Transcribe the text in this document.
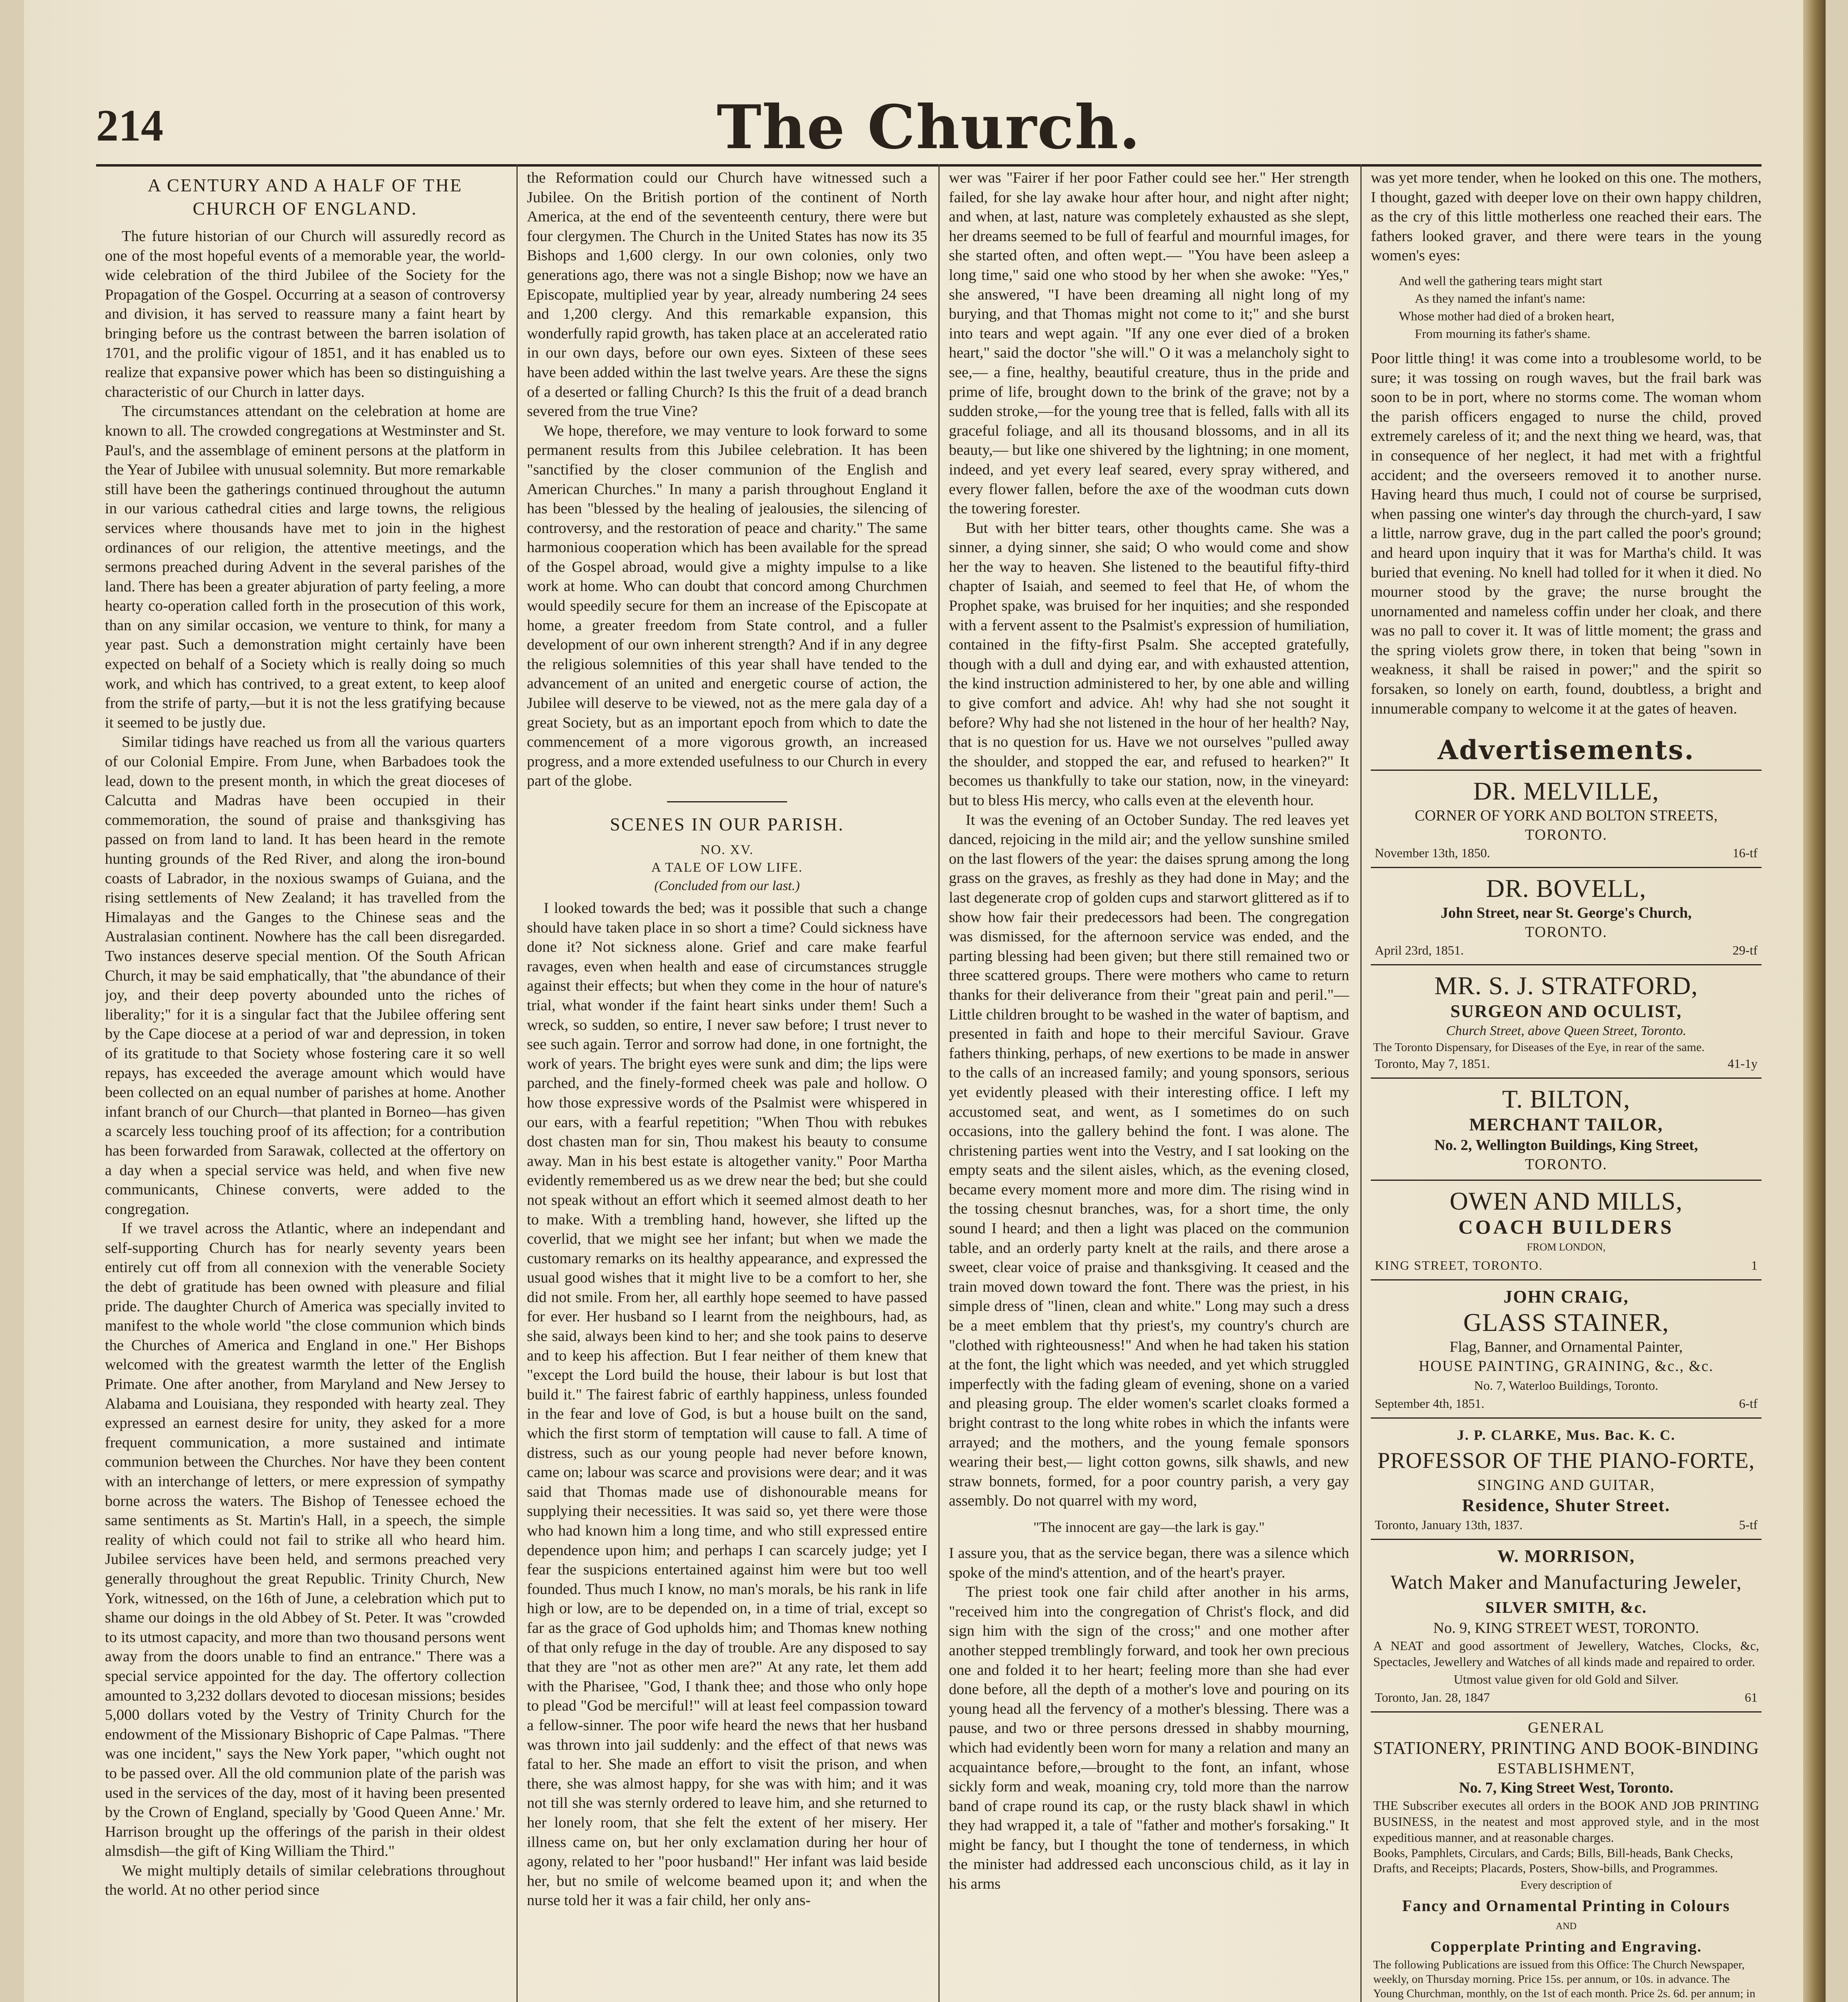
214	The Church.
A CENTURY AND A HALF OF THE CHURCH OF ENGLAND.

The future historian of our Church will assuredly record as one of the most hopeful events of a memorable year, the world-wide celebration of the third Jubilee of the Society for the Propagation of the Gospel. Occurring at a season of controversy and division, it has served to reassure many a faint heart by bringing before us the contrast between the barren isolation of 1701, and the prolific vigour of 1851, and it has enabled us to realize that expansive power which has been so distinguishing a characteristic of our Church in latter days.

The circumstances attendant on the celebration at home are known to all. The crowded congregations at Westminster and St. Paul's, and the assemblage of eminent persons at the platform in the Year of Jubilee with unusual solemnity. But more remarkable still have been the gatherings continued throughout the autumn in our various cathedral cities and large towns, the religious services where thousands have met to join in the highest ordinances of our religion, the attentive meetings, and the sermons preached during Advent in the several parishes of the land. There has been a greater abjuration of party feeling, a more hearty co-operation called forth in the prosecution of this work, than on any similar occasion, we venture to think, for many a year past. Such a demonstration might certainly have been expected on behalf of a Society which is really doing so much work, and which has contrived, to a great extent, to keep aloof from the strife of party,—but it is not the less gratifying because it seemed to be justly due.

Similar tidings have reached us from all the various quarters of our Colonial Empire. From June, when Barbadoes took the lead, down to the present month, in which the great dioceses of Calcutta and Madras have been occupied in their commemoration, the sound of praise and thanksgiving has passed on from land to land. It has been heard in the remote hunting grounds of the Red River, and along the iron-bound coasts of Labrador, in the noxious swamps of Guiana, and the rising settlements of New Zealand; it has travelled from the Himalayas and the Ganges to the Chinese seas and the Australasian continent. Nowhere has the call been disregarded. Two instances deserve special mention. Of the South African Church, it may be said emphatically, that "the abundance of their joy, and their deep poverty abounded unto the riches of liberality;" for it is a singular fact that the Jubilee offering sent by the Cape diocese at a period of war and depression, in token of its gratitude to that Society whose fostering care it so well repays, has exceeded the average amount which would have been collected on an equal number of parishes at home. Another infant branch of our Church—that planted in Borneo—has given a scarcely less touching proof of its affection; for a contribution has been forwarded from Sarawak, collected at the offertory on a day when a special service was held, and when five new communicants, Chinese converts, were added to the congregation.

If we travel across the Atlantic, where an independant and self-supporting Church has for nearly seventy years been entirely cut off from all connexion with the venerable Society the debt of gratitude has been owned with pleasure and filial pride. The daughter Church of America was specially invited to manifest to the whole world "the close communion which binds the Churches of America and England in one." Her Bishops welcomed with the greatest warmth the letter of the English Primate. One after another, from Maryland and New Jersey to Alabama and Louisiana, they responded with hearty zeal. They expressed an earnest desire for unity, they asked for a more frequent communication, a more sustained and intimate communion between the Churches. Nor have they been content with an interchange of letters, or mere expression of sympathy borne across the waters. The Bishop of Tenessee echoed the same sentiments as St. Martin's Hall, in a speech, the simple reality of which could not fail to strike all who heard him. Jubilee services have been held, and sermons preached very generally throughout the great Republic. Trinity Church, New York, witnessed, on the 16th of June, a celebration which put to shame our doings in the old Abbey of St. Peter. It was "crowded to its utmost capacity, and more than two thousand persons went away from the doors unable to find an entrance." There was a special service appointed for the day. The offertory collection amounted to 3,232 dollars devoted to diocesan missions; besides 5,000 dollars voted by the Vestry of Trinity Church for the endowment of the Missionary Bishopric of Cape Palmas. "There was one incident," says the New York paper, "which ought not to be passed over. All the old communion plate of the parish was used in the services of the day, most of it having been presented by the Crown of England, specially by 'Good Queen Anne.' Mr. Harrison brought up the offerings of the parish in their oldest almsdish—the gift of King William the Third."

We might multiply details of similar celebrations throughout the world. At no other period since

the Reformation could our Church have witnessed such a Jubilee. On the British portion of the continent of North America, at the end of the seventeenth century, there were but four clergymen. The Church in the United States has now its 35 Bishops and 1,600 clergy. In our own colonies, only two generations ago, there was not a single Bishop; now we have an Episcopate, multiplied year by year, already numbering 24 sees and 1,200 clergy. And this remarkable expansion, this wonderfully rapid growth, has taken place at an accelerated ratio in our own days, before our own eyes. Sixteen of these sees have been added within the last twelve years. Are these the signs of a deserted or falling Church? Is this the fruit of a dead branch severed from the true Vine?

We hope, therefore, we may venture to look forward to some permanent results from this Jubilee celebration. It has been "sanctified by the closer communion of the English and American Churches." In many a parish throughout England it has been "blessed by the healing of jealousies, the silencing of controversy, and the restoration of peace and charity." The same harmonious cooperation which has been available for the spread of the Gospel abroad, would give a mighty impulse to a like work at home. Who can doubt that concord among Churchmen would speedily secure for them an increase of the Episcopate at home, a greater freedom from State control, and a fuller development of our own inherent strength? And if in any degree the religious solemnities of this year shall have tended to the advancement of an united and energetic course of action, the Jubilee will deserve to be viewed, not as the mere gala day of a great Society, but as an important epoch from which to date the commencement of a more vigorous growth, an increased progress, and a more extended usefulness to our Church in every part of the globe.

SCENES IN OUR PARISH.
NO. XV.
A TALE OF LOW LIFE.
(Concluded from our last.)

I looked towards the bed; was it possible that such a change should have taken place in so short a time? Could sickness have done it? Not sickness alone. Grief and care make fearful ravages, even when health and ease of circumstances struggle against their effects; but when they come in the hour of nature's trial, what wonder if the faint heart sinks under them! Such a wreck, so sudden, so entire, I never saw before; I trust never to see such again. Terror and sorrow had done, in one fortnight, the work of years. The bright eyes were sunk and dim; the lips were parched, and the finely-formed cheek was pale and hollow. O how those expressive words of the Psalmist were whispered in our ears, with a fearful repetition; "When Thou with rebukes dost chasten man for sin, Thou makest his beauty to consume away. Man in his best estate is altogether vanity." Poor Martha evidently remembered us as we drew near the bed; but she could not speak without an effort which it seemed almost death to her to make. With a trembling hand, however, she lifted up the coverlid, that we might see her infant; but when we made the customary remarks on its healthy appearance, and expressed the usual good wishes that it might live to be a comfort to her, she did not smile. From her, all earthly hope seemed to have passed for ever. Her husband so I learnt from the neighbours, had, as she said, always been kind to her; and she took pains to deserve and to keep his affection. But I fear neither of them knew that "except the Lord build the house, their labour is but lost that build it." The fairest fabric of earthly happiness, unless founded in the fear and love of God, is but a house built on the sand, which the first storm of temptation will cause to fall. A time of distress, such as our young people had never before known, came on; labour was scarce and provisions were dear; and it was said that Thomas made use of dishonourable means for supplying their necessities. It was said so, yet there were those who had known him a long time, and who still expressed entire dependence upon him; and perhaps I can scarcely judge; yet I fear the suspicions entertained against him were but too well founded. Thus much I know, no man's morals, be his rank in life high or low, are to be depended on, in a time of trial, except so far as the grace of God upholds him; and Thomas knew nothing of that only refuge in the day of trouble. Are any disposed to say that they are "not as other men are?" At any rate, let them add with the Pharisee, "God, I thank thee; and those who only hope to plead "God be merciful!" will at least feel compassion toward a fellow-sinner. The poor wife heard the news that her husband was thrown into jail suddenly: and the effect of that news was fatal to her. She made an effort to visit the prison, and when there, she was almost happy, for she was with him; and it was not till she was sternly ordered to leave him, and she returned to her lonely room, that she felt the extent of her misery. Her illness came on, but her only exclamation during her hour of agony, related to her "poor husband!" Her infant was laid beside her, but no smile of welcome beamed upon it; and when the nurse told her it was a fair child, her only ans-

wer was "Fairer if her poor Father could see her." Her strength failed, for she lay awake hour after hour, and night after night; and when, at last, nature was completely exhausted as she slept, her dreams seemed to be full of fearful and mournful images, for she started often, and often wept.— "You have been asleep a long time," said one who stood by her when she awoke: "Yes," she answered, "I have been dreaming all night long of my burying, and that Thomas might not come to it;" and she burst into tears and wept again. "If any one ever died of a broken heart," said the doctor "she will." O it was a melancholy sight to see,— a fine, healthy, beautiful creature, thus in the pride and prime of life, brought down to the brink of the grave; not by a sudden stroke,—for the young tree that is felled, falls with all its graceful foliage, and all its thousand blossoms, and in all its beauty,— but like one shivered by the lightning; in one moment, indeed, and yet every leaf seared, every spray withered, and every flower fallen, before the axe of the woodman cuts down the towering forester.

But with her bitter tears, other thoughts came. She was a sinner, a dying sinner, she said; O who would come and show her the way to heaven. She listened to the beautiful fifty-third chapter of Isaiah, and seemed to feel that He, of whom the Prophet spake, was bruised for her inquities; and she responded with a fervent assent to the Psalmist's expression of humiliation, contained in the fifty-first Psalm. She accepted gratefully, though with a dull and dying ear, and with exhausted attention, the kind instruction administered to her, by one able and willing to give comfort and advice. Ah! why had she not sought it before? Why had she not listened in the hour of her health? Nay, that is no question for us. Have we not ourselves "pulled away the shoulder, and stopped the ear, and refused to hearken?" It becomes us thankfully to take our station, now, in the vineyard: but to bless His mercy, who calls even at the eleventh hour.

It was the evening of an October Sunday. The red leaves yet danced, rejoicing in the mild air; and the yellow sunshine smiled on the last flowers of the year: the daises sprung among the long grass on the graves, as freshly as they had done in May; and the last degenerate crop of golden cups and starwort glittered as if to show how fair their predecessors had been. The congregation was dismissed, for the afternoon service was ended, and the parting blessing had been given; but there still remained two or three scattered groups. There were mothers who came to return thanks for their deliverance from their "great pain and peril."— Little children brought to be washed in the water of baptism, and presented in faith and hope to their merciful Saviour. Grave fathers thinking, perhaps, of new exertions to be made in answer to the calls of an increased family; and young sponsors, serious yet evidently pleased with their interesting office. I left my accustomed seat, and went, as I sometimes do on such occasions, into the gallery behind the font. I was alone. The christening parties went into the Vestry, and I sat looking on the empty seats and the silent aisles, which, as the evening closed, became every moment more and more dim. The rising wind in the tossing chesnut branches, was, for a short time, the only sound I heard; and then a light was placed on the communion table, and an orderly party knelt at the rails, and there arose a sweet, clear voice of praise and thanksgiving. It ceased and the train moved down toward the font. There was the priest, in his simple dress of "linen, clean and white." Long may such a dress be a meet emblem that thy priest's, my country's church are "clothed with righteousness!" And when he had taken his station at the font, the light which was needed, and yet which struggled imperfectly with the fading gleam of evening, shone on a varied and pleasing group. The elder women's scarlet cloaks formed a bright contrast to the long white robes in which the infants were arrayed; and the mothers, and the young female sponsors wearing their best,— light cotton gowns, silk shawls, and new straw bonnets, formed, for a poor country parish, a very gay assembly. Do not quarrel with my word,

"The innocent are gay—the lark is gay."

I assure you, that as the service began, there was a silence which spoke of the mind's attention, and of the heart's prayer.

The priest took one fair child after another in his arms, "received him into the congregation of Christ's flock, and did sign him with the sign of the cross;" and one mother after another stepped tremblingly forward, and took her own precious one and folded it to her heart; feeling more than she had ever done before, all the depth of a mother's love and pouring on its young head all the fervency of a mother's blessing. There was a pause, and two or three persons dressed in shabby mourning, which had evidently been worn for many a relation and many an acquaintance before,—brought to the font, an infant, whose sickly form and weak, moaning cry, told more than the narrow band of crape round its cap, or the rusty black shawl in which they had wrapped it, a tale of "father and mother's forsaking." It might be fancy, but I thought the tone of tenderness, in which the minister had addressed each unconscious child, as it lay in his arms

was yet more tender, when he looked on this one. The mothers, I thought, gazed with deeper love on their own happy children, as the cry of this little motherless one reached their ears. The fathers looked graver, and there were tears in the young women's eyes:

And well the gathering tears might start
As they named the infant's name:
Whose mother had died of a broken heart,
From mourning its father's shame.

Poor little thing! it was come into a troublesome world, to be sure; it was tossing on rough waves, but the frail bark was soon to be in port, where no storms come. The woman whom the parish officers engaged to nurse the child, proved extremely careless of it; and the next thing we heard, was, that in consequence of her neglect, it had met with a frightful accident; and the overseers removed it to another nurse. Having heard thus much, I could not of course be surprised, when passing one winter's day through the church-yard, I saw a little, narrow grave, dug in the part called the poor's ground; and heard upon inquiry that it was for Martha's child. It was buried that evening. No knell had tolled for it when it died. No mourner stood by the grave; the nurse brought the unornamented and nameless coffin under her cloak, and there was no pall to cover it. It was of little moment; the grass and the spring violets grow there, in token that being "sown in weakness, it shall be raised in power;" and the spirit so forsaken, so lonely on earth, found, doubtless, a bright and innumerable company to welcome it at the gates of heaven.

Advertisements.
DR. MELVILLE,
CORNER OF YORK AND BOLTON STREETS,
TORONTO.
November 13th, 1850.	16-tf
DR. BOVELL,
John Street, near St. George's Church,
TORONTO.
April 23rd, 1851.	29-tf
MR. S. J. STRATFORD,
SURGEON AND OCULIST,
Church Street, above Queen Street, Toronto.
The Toronto Dispensary, for Diseases of the Eye, in rear of the same.
Toronto, May 7, 1851.	41-1y
T. BILTON,
MERCHANT TAILOR,
No. 2, Wellington Buildings, King Street,
TORONTO.
OWEN AND MILLS,
COACH BUILDERS
FROM LONDON,
KING STREET, TORONTO.	1
JOHN CRAIG,
GLASS STAINER,
Flag, Banner, and Ornamental Painter,
HOUSE PAINTING, GRAINING, &c., &c.
No. 7, Waterloo Buildings, Toronto.
September 4th, 1851.	6-tf
J. P. CLARKE, Mus. Bac. K. C.
PROFESSOR OF THE PIANO-FORTE,
SINGING AND GUITAR,
Residence, Shuter Street.
Toronto, January 13th, 1837.	5-tf
W. MORRISON,
Watch Maker and Manufacturing Jeweler,
SILVER SMITH, &c.
No. 9, KING STREET WEST, TORONTO.
A NEAT and good assortment of Jewellery, Watches, Clocks, &c, Spectacles, Jewellery and Watches of all kinds made and repaired to order.
Utmost value given for old Gold and Silver.
Toronto, Jan. 28, 1847	61
GENERAL
STATIONERY, PRINTING AND BOOK-BINDING
ESTABLISHMENT,
No. 7, King Street West, Toronto.
THE Subscriber executes all orders in the BOOK AND JOB PRINTING BUSINESS, in the neatest and most approved style, and in the most expeditious manner, and at reasonable charges.
Books, Pamphlets, Circulars, and Cards; Bills, Bill-heads, Bank Checks, Drafts, and Receipts; Placards, Posters, Show-bills, and Programmes.
Every description of
Fancy and Ornamental Printing in Colours
AND
Copperplate Printing and Engraving.
The following Publications are issued from this Office: The Church Newspaper, weekly, on Thursday morning. Price 15s. per annum, or 10s. in advance. The Young Churchman, monthly, on the 1st of each month. Price 2s. 6d. per annum; in
